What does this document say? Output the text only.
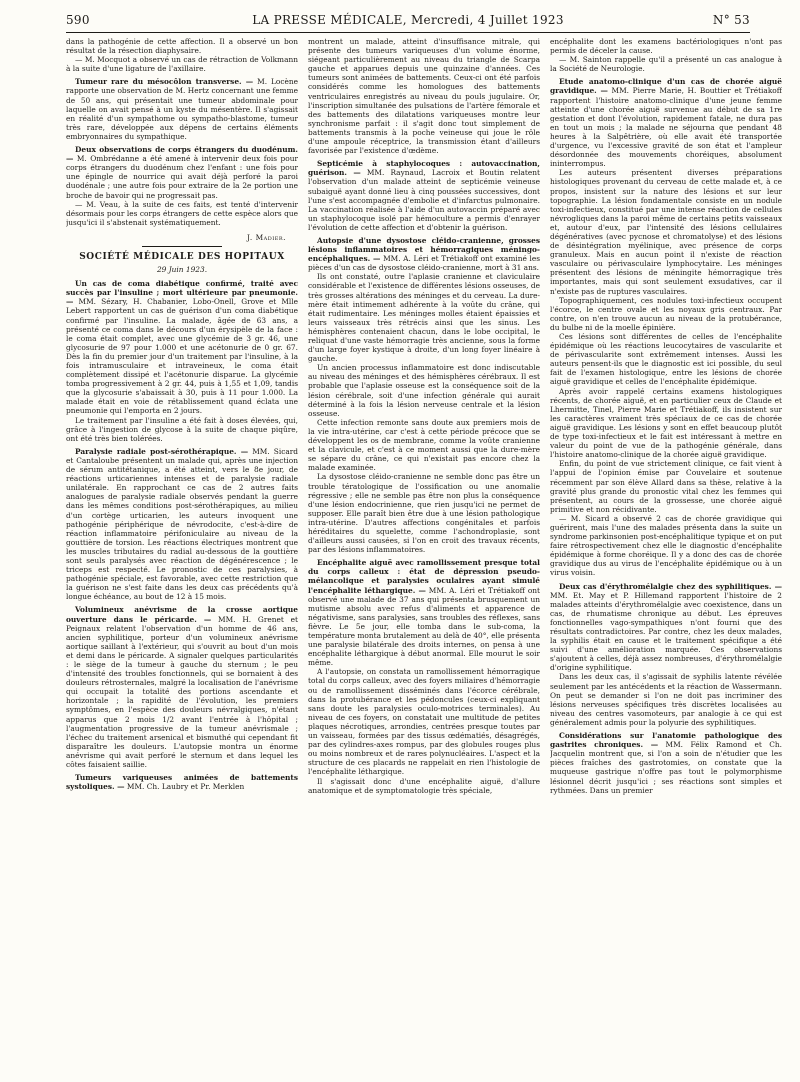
590	LA PRESSE MÉDICALE, Mercredi, 4 Juillet 1923	N° 53

dans la pathogénie de cette affection. Il a observé un bon résultat de la résection diaphysaire.

— M. Mocquot a observé un cas de rétraction de Volkmann à la suite d'une ligature de l'axillaire.

Tumeur rare du mésocôlon transverse. — M. Locène rapporte une observation de M. Hertz concernant une femme de 50 ans, qui présentait une tumeur abdominale pour laquelle on avait pensé à un kyste du mésentère. Il s'agissait en réalité d'un sympathome ou sympatho-blastome, tumeur très rare, développée aux dépens de certains éléments embryonnaires du sympathique.

Deux observations de corps étrangers du duodénum. — M. Ombrédanne a été amené à intervenir deux fois pour corps étrangers du duodénum chez l'enfant : une fois pour une épingle de nourrice qui avait déjà perforé la paroi duodénale ; une autre fois pour extraire de la 2e portion une broche de bavoir qui ne progressait pas.

— M. Veau, à la suite de ces faits, est tenté d'intervenir désormais pour les corps étrangers de cette espèce alors que jusqu'ici il s'abstenait systématiquement.

J. Madier.
SOCIÉTÉ MÉDICALE DES HOPITAUX
29 Juin 1923.

Un cas de coma diabétique confirmé, traité avec succès par l'insuline ; mort ultérieure par pneumonie. — MM. Sézary, H. Chabanier, Lobo-Onell, Grove et Mlle Lebert rapportent un cas de guérison d'un coma diabétique confirmé par l'insuline. La malade, âgée de 63 ans, a présenté ce coma dans le décours d'un érysipèle de la face : le coma était complet, avec une glycémie de 3 gr. 46, une glycosurie de 97 pour 1.000 et une acétonurie de 0 gr. 67. Dès la fin du premier jour d'un traitement par l'insuline, à la fois intramusculaire et intraveineux, le coma était complètement dissipé et l'acétonurie disparue. La glycémie tomba progressivement à 2 gr. 44, puis à 1,55 et 1,09, tandis que la glycosurie s'abaissait à 30, puis à 11 pour 1.000. La malade était en voie de rétablissement quand éclata une pneumonie qui l'emporta en 2 jours.

Le traitement par l'insuline a été fait à doses élevées, qui, grâce à l'ingestion de glycose à la suite de chaque piqûre, ont été très bien tolérées.

Paralysie radiale post-sérothérapique. — MM. Sicard et Cantaloube présentent un malade qui, après une injection de sérum antitétanique, a été atteint, vers le 8e jour, de réactions urticariennes intenses et de paralysie radiale unilatérale. En rapprochant ce cas de 2 autres faits analogues de paralysie radiale observés pendant la guerre dans les mêmes conditions post-sérothérapiques, au milieu d'un cortège urticarien, les auteurs invoquent une pathogénie périphérique de névrodocite, c'est-à-dire de réaction inflammatoire périfoniculaire au niveau de la gouttière de torsion. Les réactions électriques montrent que les muscles tributaires du radial au-dessous de la gouttière sont seuls paralysés avec réaction de dégénérescence ; le triceps est respecté. Le pronostic de ces paralysies, à pathogénie spéciale, est favorable, avec cette restriction que la guérison ne s'est faite dans les deux cas précédents qu'à longue échéance, au bout de 12 à 15 mois.

Volumineux anévrisme de la crosse aortique ouverture dans le péricarde. — MM. H. Grenet et Peignaux relatent l'observation d'un homme de 46 ans, ancien syphilitique, porteur d'un volumineux anévrisme aortique saillant à l'extérieur, qui s'ouvrit au bout d'un mois et demi dans le péricarde. A signaler quelques particularités : le siège de la tumeur à gauche du sternum ; le peu d'intensité des troubles fonctionnels, qui se bornaient à des douleurs rétrosternales, malgré la localisation de l'anévrisme qui occupait la totalité des portions ascendante et horizontale ; la rapidité de l'évolution, les premiers symptômes, en l'espèce des douleurs névralgiques, n'étant apparus que 2 mois 1/2 avant l'entrée à l'hôpital ; l'augmentation progressive de la tumeur anévrismale ; l'échec du traitement arsenical et bismuthé qui cependant fit disparaître les douleurs. L'autopsie montra un énorme anévrisme qui avait perforé le sternum et dans lequel les côtes faisaient saillie.

Tumeurs variqueuses animées de battements systoliques. — MM. Ch. Laubry et Pr. Merklen

montrent un malade, atteint d'insuffisance mitrale, qui présente des tumeurs variqueuses d'un volume énorme, siégeant particulièrement au niveau du triangle de Scarpa gauche et apparues depuis une quinzaine d'années. Ces tumeurs sont animées de battements. Ceux-ci ont été parfois considérés comme les homologues des battements ventriculaires enregistrés au niveau du pouls jugulaire. Or, l'inscription simultanée des pulsations de l'artère fémorale et des battements des dilatations variqueuses montre leur synchronisme parfait : il s'agit donc tout simplement de battements transmis à la poche veineuse qui joue le rôle d'une ampoule réceptrice, la transmission étant d'ailleurs favorisée par l'existence d'œdème.

Septicémie à staphylocoques : autovaccination, guérison. — MM. Raynaud, Lacroix et Boutin relatent l'observation d'un malade atteint de septicémie veineuse subaiguë ayant donné lieu à cinq poussées successives, dont l'une s'est accompagnée d'embolie et d'infarctus pulmonaire. La vaccination réalisée à l'aide d'un autovaccin préparé avec un staphylocoque isolé par hémoculture a permis d'enrayer l'évolution de cette affection et d'obtenir la guérison.

Autopsie d'une dysostose cléido-cranienne, grosses lésions inflammatoires et hémorragiques méningo-encéphaliques. — MM. A. Léri et Trétiakoff ont examiné les pièces d'un cas de dysostose cléido-cranienne, mort à 31 ans.

Ils ont constaté, outre l'aplasie cranienne et claviculaire considérable et l'existence de différentes lésions osseuses, de très grosses altérations des méninges et du cerveau. La dure-mère était intimement adhérente à la voûte du crâne, qui était rudimentaire. Les méninges molles étaient épaissies et leurs vaisseaux très rétrécis ainsi que les sinus. Les hémisphères contenaient chacun, dans le lobe occipital, le reliquat d'une vaste hémorragie très ancienne, sous la forme d'un large foyer kystique à droite, d'un long foyer linéaire à gauche.

Un ancien processus inflammatoire est donc indiscutable au niveau des méninges et des hémisphères cérébraux. Il est probable que l'aplasie osseuse est la conséquence soit de la lésion cérébrale, soit d'une infection générale qui aurait déterminé à la fois la lésion nerveuse centrale et la lésion osseuse.

Cette infection remonte sans doute aux premiers mois de la vie intra-utérine, car c'est à cette période précoce que se développent les os de membrane, comme la voûte cranienne et la clavicule, et c'est à ce moment aussi que la dure-mère se sépare du crâne, ce qui n'existait pas encore chez la malade examinée.

La dysostose cléido-cranienne ne semble donc pas être un trouble tératologique de l'ossification ou une anomalie régressive ; elle ne semble pas être non plus la conséquence d'une lésion endocrinienne, que rien jusqu'ici ne permet de supposer. Elle paraît bien être due à une lésion pathologique intra-utérine. D'autres affections congénitales et parfois héréditaires du squelette, comme l'achondroplasie, sont d'ailleurs aussi causées, si l'on en croit des travaux récents, par des lésions inflammatoires.

Encéphalite aiguë avec ramollissement presque total du corps calleux : état de dépression pseudo-mélancolique et paralysies oculaires ayant simulé l'encéphalite léthargique. — MM. A. Léri et Trétiakoff ont observé une malade de 37 ans qui présenta brusquement un mutisme absolu avec refus d'aliments et apparence de négativisme, sans paralysies, sans troubles des réflexes, sans fièvre. Le 5e jour, elle tomba dans le sub-coma, la température monta brutalement au delà de 40°, elle présenta une paralysie bilatérale des droits internes, on pensa à une encéphalite léthargique à début anormal. Elle mourut le soir même.

A l'autopsie, on constata un ramollissement hémorragique total du corps calleux, avec des foyers miliaires d'hémorragie ou de ramollissement disséminés dans l'écorce cérébrale, dans la protubérance et les pédoncules (ceux-ci expliquant sans doute les paralysies oculo-motrices terminales). Au niveau de ces foyers, on constatait une multitude de petites plaques nécrotiques, arrondies, centrées presque toutes par un vaisseau, formées par des tissus œdématiés, désagrégés, par des cylindres-axes rompus, par des globules rouges plus ou moins nombreux et de rares polynucléaires. L'aspect et la structure de ces placards ne rappelait en rien l'histologie de l'encéphalite léthargique.

Il s'agissait donc d'une encéphalite aiguë, d'allure anatomique et de symptomatologie très spéciale,

encéphalite dont les examens bactériologiques n'ont pas permis de déceler la cause.

— M. Sainton rappelle qu'il a présenté un cas analogue à la Société de Neurologie.

Etude anatomo-clinique d'un cas de chorée aiguë gravidique. — MM. Pierre Marie, H. Bouttier et Trétiakoff rapportent l'histoire anatomo-clinique d'une jeune femme atteinte d'une chorée aiguë survenue au début de sa 1re gestation et dont l'évolution, rapidement fatale, ne dura pas en tout un mois ; la malade ne séjourna que pendant 48 heures à la Salpêtrière, où elle avait été transportée d'urgence, vu l'excessive gravité de son état et l'ampleur désordonnée des mouvements choréiques, absolument ininterrompus.

Les auteurs présentent diverses préparations histologiques provenant du cerveau de cette malade et, à ce propos, insistent sur la nature des lésions et sur leur topographie. La lésion fondamentale consiste en un nodule toxi-infectieux, constitué par une intense réaction de cellules névrogliques dans la paroi même de certains petits vaisseaux et, autour d'eux, par l'intensité des lésions cellulaires dégénératives (avec pycnose et chromatolyse) et des lésions de désintégration myélinique, avec présence de corps granuleux. Mais en aucun point il n'existe de réaction vasculaire ou périvasculaire lymphocytaire. Les méninges présentent des lésions de méningite hémorragique très importantes, mais qui sont seulement exsudatives, car il n'existe pas de ruptures vasculaires.

Topographiquement, ces nodules toxi-infectieux occupent l'écorce, le centre ovale et les noyaux gris centraux. Par contre, on n'en trouve aucun au niveau de la protubérance, du bulbe ni de la moelle épinière.

Ces lésions sont différentes de celles de l'encéphalite épidémique où les réactions leucocytaires de vascularite et de périvascularite sont extrêmement intenses. Aussi les auteurs pensent-ils que le diagnostic est ici possible, du seul fait de l'examen histologique, entre les lésions de chorée aiguë gravidique et celles de l'encéphalite épidémique.

Après avoir rappelé certains examens histologiques récents, de chorée aiguë, et en particulier ceux de Claude et Lhermitte, Tinel, Pierre Marie et Trétiakoff, ils insistent sur les caractères vraiment très spéciaux de ce cas de chorée aiguë gravidique. Les lésions y sont en effet beaucoup plutôt de type toxi-infectieux et le fait est intéressant à mettre en valeur du point de vue de la pathogénie générale, dans l'histoire anatomo-clinique de la chorée aiguë gravidique.

Enfin, du point de vue strictement clinique, ce fait vient à l'appui de l'opinion émise par Couvelaire et soutenue récemment par son élève Allard dans sa thèse, relative à la gravité plus grande du pronostic vital chez les femmes qui présentent, au cours de la grossesse, une chorée aiguë primitive et non récidivante.

— M. Sicard a observé 2 cas de chorée gravidique qui guérirent, mais l'une des malades présenta dans la suite un syndrome parkinsonien post-encéphalitique typique et on put faire rétrospectivement chez elle le diagnostic d'encéphalite épidémique à forme choréique. Il y a donc des cas de chorée gravidique dus au virus de l'encéphalite épidémique ou à un virus voisin.

Deux cas d'érythromélalgie chez des syphilitiques. — MM. Et. May et P. Hillemand rapportent l'histoire de 2 malades atteints d'érythromélalgie avec coexistence, dans un cas, de rhumatisme chronique au début. Les épreuves fonctionnelles vago-sympathiques n'ont fourni que des résultats contradictoires. Par contre, chez les deux malades, la syphilis était en cause et le traitement spécifique a été suivi d'une amélioration marquée. Ces observations s'ajoutent à celles, déjà assez nombreuses, d'érythromélalgie d'origine syphilitique.

Dans les deux cas, il s'agissait de syphilis latente révélée seulement par les antécédents et la réaction de Wassermann. On peut se demander si l'on ne doit pas incriminer des lésions nerveuses spécifiques très discrètes localisées au niveau des centres vasomoteurs, par analogie à ce qui est généralement admis pour la polyurie des syphilitiques.

Considérations sur l'anatomie pathologique des gastrites chroniques. — MM. Félix Ramond et Ch. Jacquelin montrent que, si l'on a soin de n'étudier que les pièces fraîches des gastrotomies, on constate que la muqueuse gastrique n'offre pas tout le polymorphisme lésionnel décrit jusqu'ici ; ses réactions sont simples et rythmées. Dans un premier
